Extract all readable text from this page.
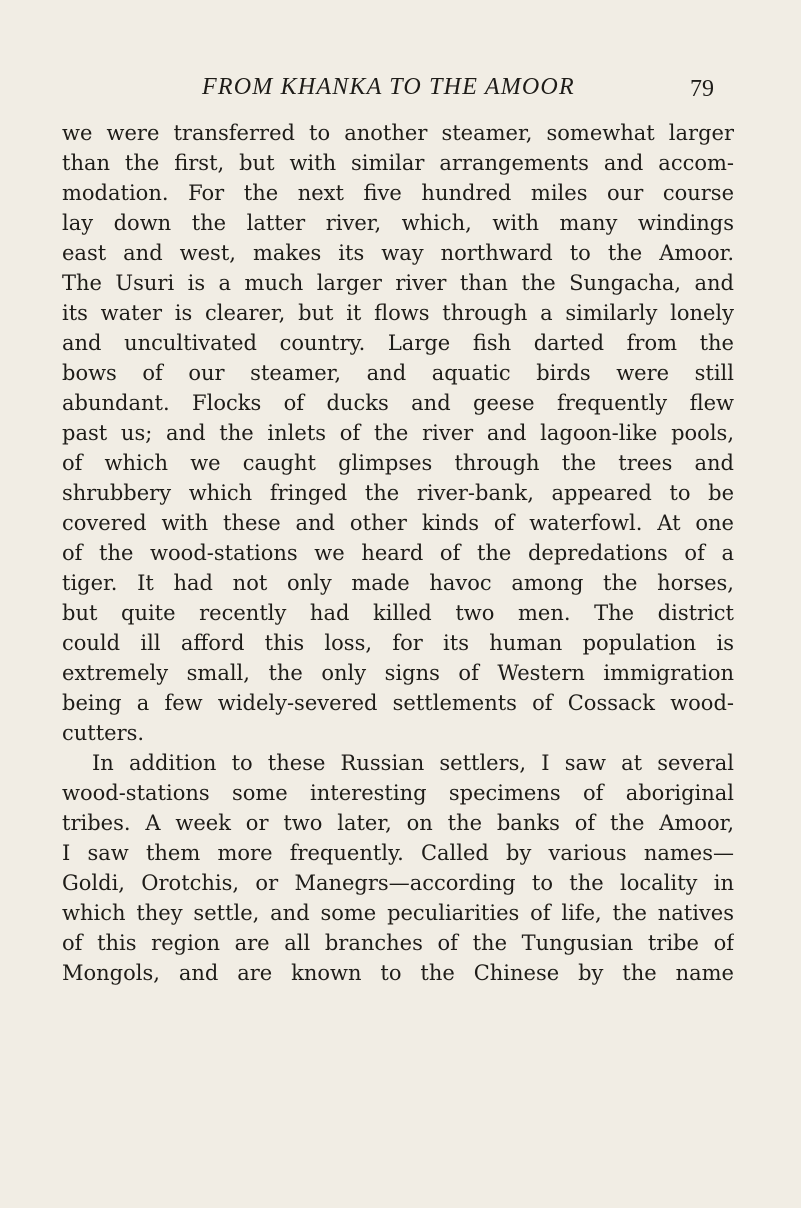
FROM KHANKA TO THE AMOOR	79
we were transferred to another steamer, somewhat larger
than the first, but with similar arrangements and accom-
modation. For the next five hundred miles our course
lay down the latter river, which, with many windings
east and west, makes its way northward to the Amoor.
The Usuri is a much larger river than the Sungacha, and
its water is clearer, but it flows through a similarly lonely
and uncultivated country. Large fish darted from the
bows of our steamer, and aquatic birds were still
abundant. Flocks of ducks and geese frequently flew
past us; and the inlets of the river and lagoon-like pools,
of which we caught glimpses through the trees and
shrubbery which fringed the river-bank, appeared to be
covered with these and other kinds of waterfowl. At one
of the wood-stations we heard of the depredations of a
tiger. It had not only made havoc among the horses,
but quite recently had killed two men. The district
could ill afford this loss, for its human population is
extremely small, the only signs of Western immigration
being a few widely-severed settlements of Cossack wood-
cutters.
In addition to these Russian settlers, I saw at several
wood-stations some interesting specimens of aboriginal
tribes. A week or two later, on the banks of the Amoor,
I saw them more frequently. Called by various names—
Goldi, Orotchis, or Manegrs—according to the locality in
which they settle, and some peculiarities of life, the natives
of this region are all branches of the Tungusian tribe of
Mongols, and are known to the Chinese by the name
